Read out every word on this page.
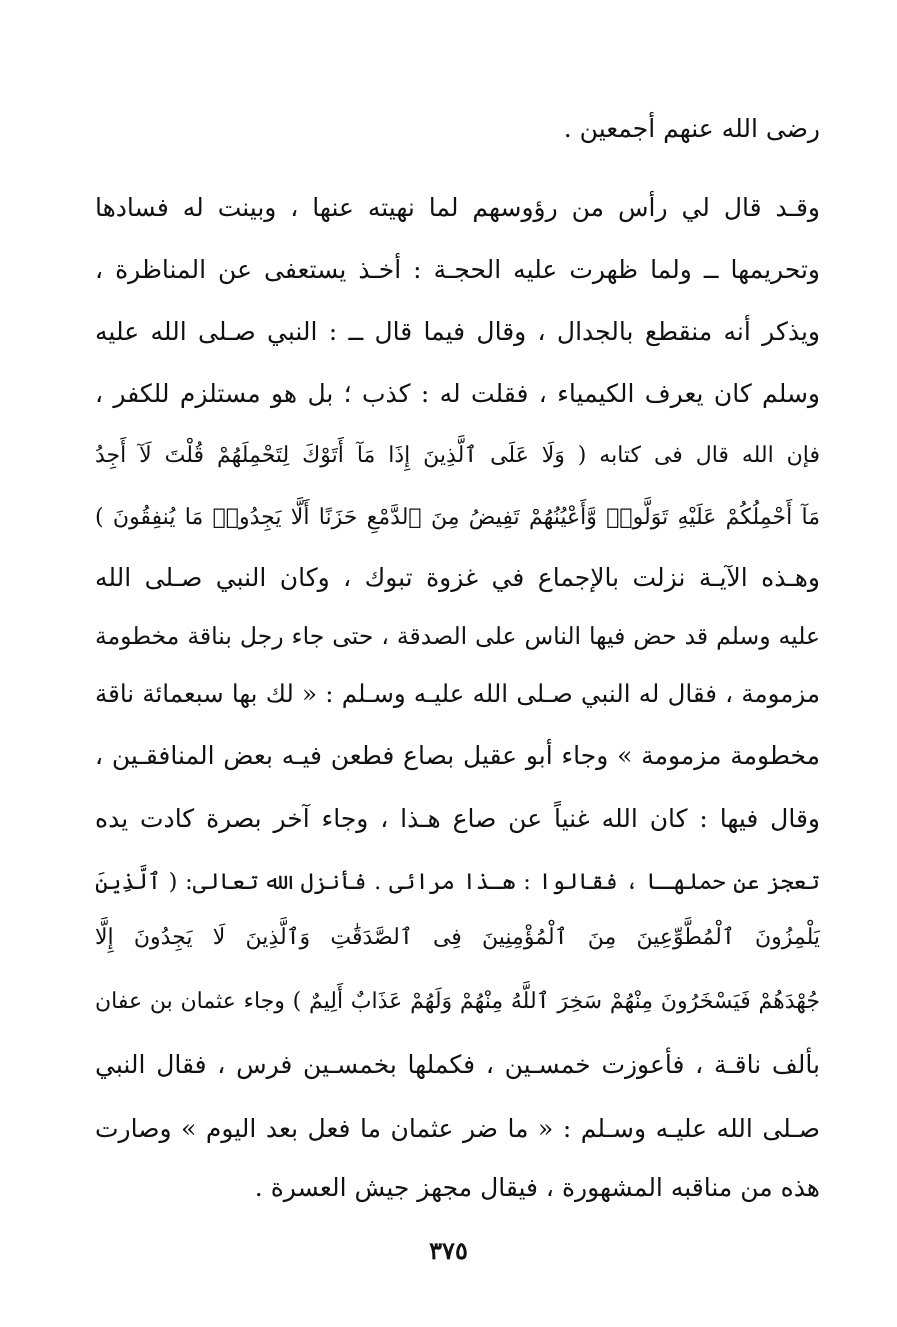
رضى الله عنهم أجمعين .
وقـد قال لي رأس من رؤوسهم لما نهيته عنها ، وبينت له فسادها
وتحريمها ــ ولما ظهرت عليه الحجـة : أخـذ يستعفى عن المناظرة ،
ويذكر أنه منقطع بالجدال ، وقال فيما قال ــ : النبي صـلى الله عليه
وسلم كان يعرف الكيمياء ، فقلت له : كذب ؛ بل هو مستلزم للكفر ،
فإن الله قال فى كتابه ( وَلَا عَلَى ٱلَّذِينَ إِذَا مَآ أَتَوْكَ لِتَحْمِلَهُمْ قُلْتَ لَآ أَجِدُ
مَآ أَحْمِلُكُمْ عَلَيْهِ تَوَلَّوا۟ وَّأَعْيُنُهُمْ تَفِيضُ مِنَ ٱلدَّمْعِ حَزَنًا أَلَّا يَجِدُوا۟ مَا يُنفِقُونَ )
وهـذه الآيـة نزلت بالإجماع في غزوة تبوك ، وكان النبي صـلى الله
عليه وسلم قد حض فيها الناس على الصدقة ، حتى جاء رجل بناقة مخطومة
مزمومة ، فقال له النبي صـلى الله عليـه وسـلم : « لك بها سبعمائة ناقة
مخطومة مزمومة » وجاء أبو عقيل بصاع فطعن فيـه بعض المنافقـين ،
وقال فيها : كان الله غنياً عن صاع هـذا ، وجاء آخر بصرة كادت يده
تعجز عن حملهـا ، فقالوا : هـذا مرائى . فأنزل الله تعالى: ( ٱلَّذِينَ
يَلْمِزُونَ ٱلْمُطَّوِّعِينَ مِنَ ٱلْمُؤْمِنِينَ فِى ٱلصَّدَقَٰتِ وَٱلَّذِينَ لَا يَجِدُونَ إِلَّا
جُهْدَهُمْ فَيَسْخَرُونَ مِنْهُمْ سَخِرَ ٱللَّهُ مِنْهُمْ وَلَهُمْ عَذَابٌ أَلِيمٌ ) وجاء عثمان بن عفان
بألف ناقـة ، فأعوزت خمسـين ، فكملها بخمسـين فرس ، فقال النبي
صـلى الله عليـه وسـلم : « ما ضر عثمان ما فعل بعد اليوم » وصارت
هذه من مناقبه المشهورة ، فيقال مجهز جيش العسرة .
٣٧٥
